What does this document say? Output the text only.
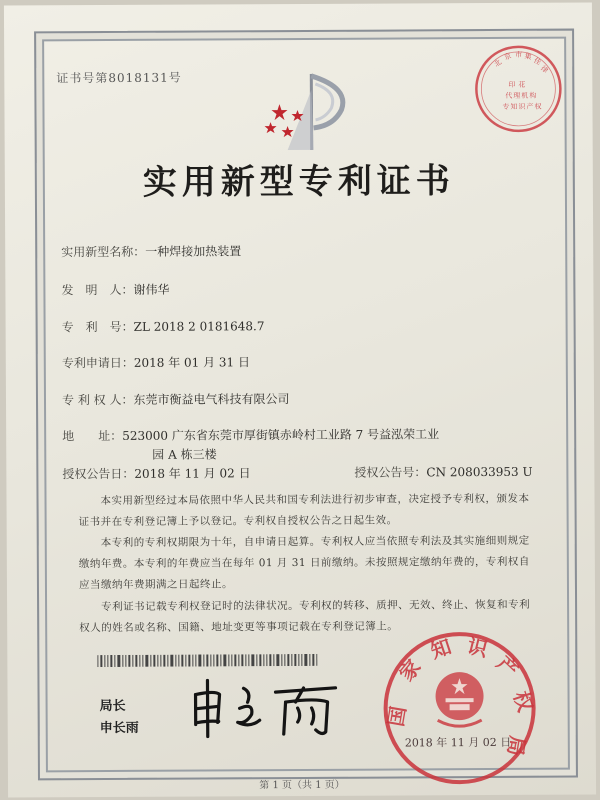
证书号第8018131号
北
京 市 集 佳
律
印 花
代 理 机 构
专 知 识 产 权
实用新型专利证书
实用新型名称：一种焊接加热装置
发　明　人：谢伟华
专　利　号：ZL 2018 2 0181648.7
专利申请日：2018 年 01 月 31 日
专 利 权 人：东莞市衡益电气科技有限公司
地　　址：523000 广东省东莞市厚街镇赤岭村工业路 7 号益泓荣工业
园 A 栋三楼
授权公告日：2018 年 11 月 02 日	授权公告号：CN 208033953 U
　　本实用新型经过本局依照中华人民共和国专利法进行初步审查，决定授予专利权，颁发本证书并在专利登记簿上予以登记。专利权自授权公告之日起生效。
　　本专利的专利权期限为十年，自申请日起算。专利权人应当依照专利法及其实施细则规定缴纳年费。本专利的年费应当在每年 01 月 31 日前缴纳。未按照规定缴纳年费的，专利权自应当缴纳年费期满之日起终止。
　　专利证书记载专利权登记时的法律状况。专利权的转移、质押、无效、终止、恢复和专利权人的姓名或名称、国籍、地址变更等事项记载在专利登记簿上。
局长
申长雨
国
家
知 识
产
权
局
2018 年 11 月 02 日
第 1 页（共 1 页）
